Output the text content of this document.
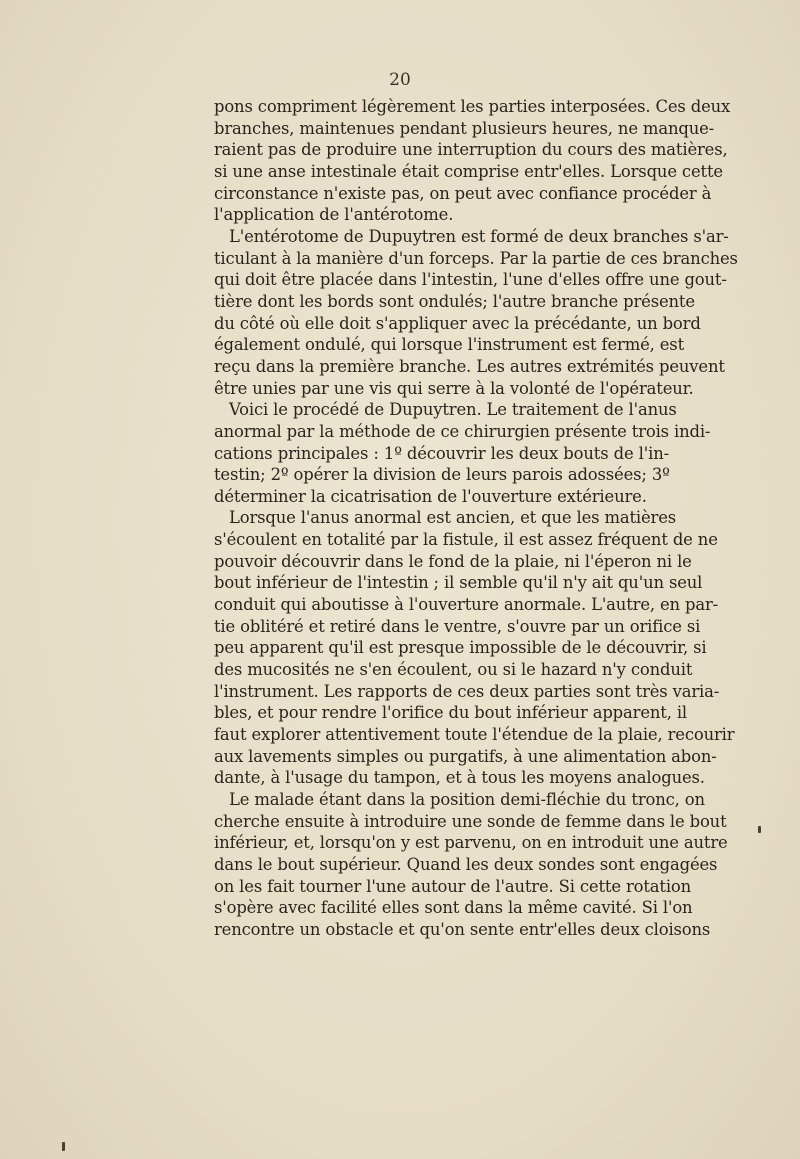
20
pons compriment légèrement les parties interposées. Ces deux
branches, maintenues pendant plusieurs heures, ne manque-
raient pas de produire une interruption du cours des matières,
si une anse intestinale était comprise entr'elles. Lorsque cette
circonstance n'existe pas, on peut avec confiance procéder à
l'application de l'antérotome.
L'entérotome de Dupuytren est formé de deux branches s'ar-
ticulant à la manière d'un forceps. Par la partie de ces branches
qui doit être placée dans l'intestin, l'une d'elles offre une gout-
tière dont les bords sont ondulés; l'autre branche présente
du côté où elle doit s'appliquer avec la précédante, un bord
également ondulé, qui lorsque l'instrument est fermé, est
reçu dans la première branche. Les autres extrémités peuvent
être unies par une vis qui serre à la volonté de l'opérateur.
Voici le procédé de Dupuytren. Le traitement de l'anus
anormal par la méthode de ce chirurgien présente trois indi-
cations principales : 1º découvrir les deux bouts de l'in-
testin; 2º opérer la division de leurs parois adossées; 3º
déterminer la cicatrisation de l'ouverture extérieure.
Lorsque l'anus anormal est ancien, et que les matières
s'écoulent en totalité par la fistule, il est assez fréquent de ne
pouvoir découvrir dans le fond de la plaie, ni l'éperon ni le
bout inférieur de l'intestin ; il semble qu'il n'y ait qu'un seul
conduit qui aboutisse à l'ouverture anormale. L'autre, en par-
tie oblitéré et retiré dans le ventre, s'ouvre par un orifice si
peu apparent qu'il est presque impossible de le découvrir, si
des mucosités ne s'en écoulent, ou si le hazard n'y conduit
l'instrument. Les rapports de ces deux parties sont très varia-
bles, et pour rendre l'orifice du bout inférieur apparent, il
faut explorer attentivement toute l'étendue de la plaie, recourir
aux lavements simples ou purgatifs, à une alimentation abon-
dante, à l'usage du tampon, et à tous les moyens analogues.
Le malade étant dans la position demi-fléchie du tronc, on
cherche ensuite à introduire une sonde de femme dans le bout
inférieur, et, lorsqu'on y est parvenu, on en introduit une autre
dans le bout supérieur. Quand les deux sondes sont engagées
on les fait tourner l'une autour de l'autre. Si cette rotation
s'opère avec facilité elles sont dans la même cavité. Si l'on
rencontre un obstacle et qu'on sente entr'elles deux cloisons
